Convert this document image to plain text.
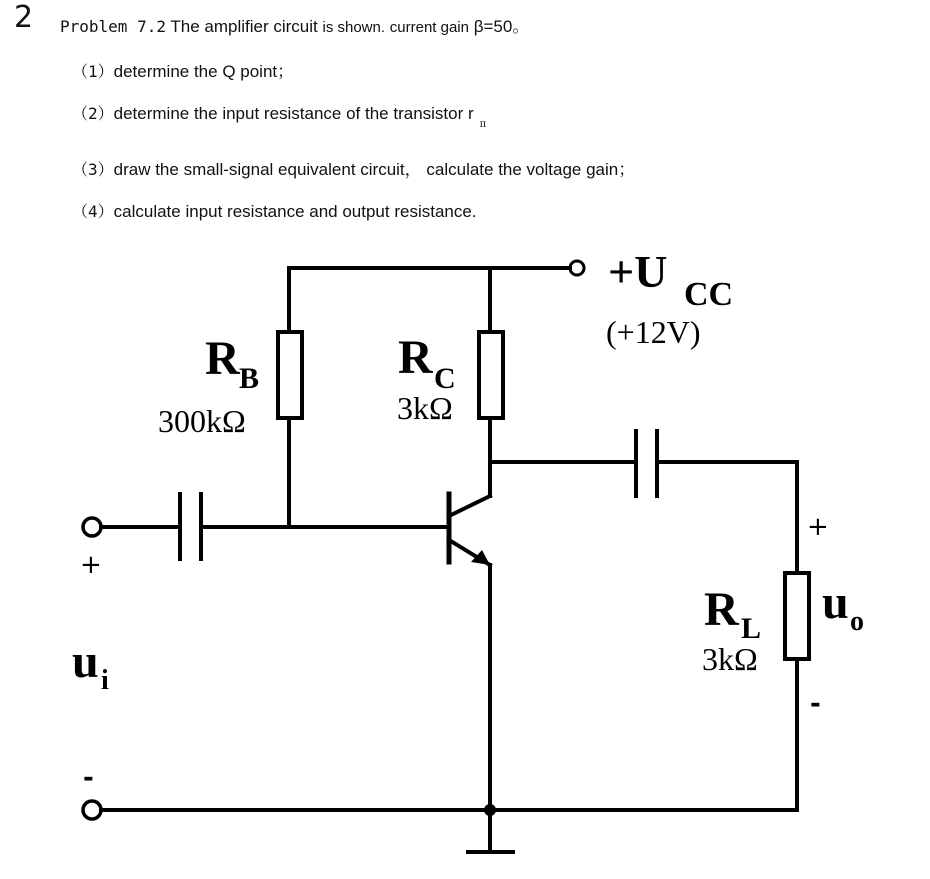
2 Problem 7.2 The amplifier circuit is shown. current gain β=50。
（1）determine the Q point；
（2）determine the input resistance of the transistor $r_\pi$
（3）draw the small-signal equivalent circuit， calculate the voltage gain；
（4）calculate input resistance and output resistance.
+U CC
(+12V)
R B
300kΩ
R C
3kΩ
R L
3kΩ
+
u i
-
+
u o
-
